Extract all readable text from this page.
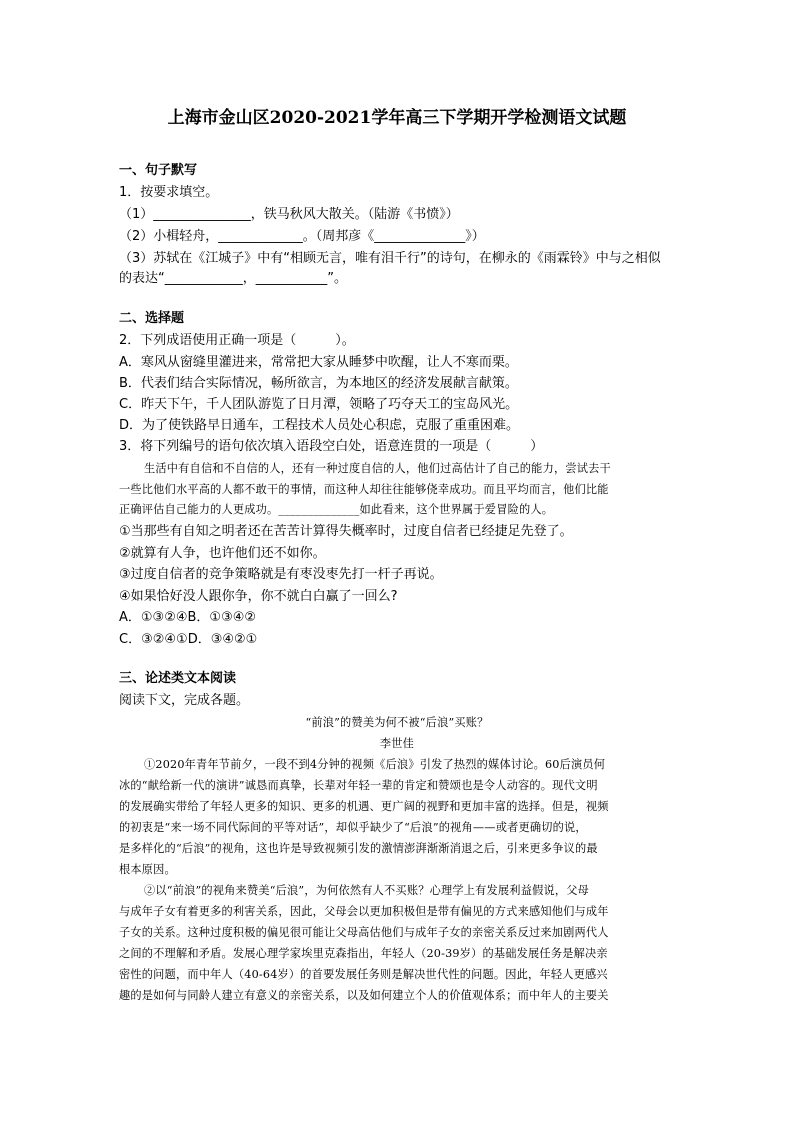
上海市金山区2020-2021学年高三下学期开学检测语文试题
一、句子默写
1．按要求填空。
（1）_______________，铁马秋风大散关。（陆游《书愤》）
（2）小楫轻舟，_____________。（周邦彦《______________》）
（3）苏轼在《江城子》中有“相顾无言，唯有泪千行”的诗句，在柳永的《雨霖铃》中与之相似
的表达“____________，___________”。
二、选择题
2．下列成语使用正确一项是（　　　）。
A．寒风从窗缝里灌进来，常常把大家从睡梦中吹醒，让人不寒而栗。
B．代表们结合实际情况，畅所欲言，为本地区的经济发展献言献策。
C．昨天下午，千人团队游览了日月潭，领略了巧夺天工的宝岛风光。
D．为了使铁路早日通车，工程技术人员处心积虑，克服了重重困难。
3．将下列编号的语句依次填入语段空白处，语意连贯的一项是（　　　）
生活中有自信和不自信的人，还有一种过度自信的人，他们过高估计了自己的能力，尝试去干
一些比他们水平高的人都不敢干的事情，而这种人却往往能够侥幸成功。而且平均而言，他们比能
正确评估自己能力的人更成功。______________如此看来，这个世界属于爱冒险的人。
①当那些有自知之明者还在苦苦计算得失概率时，过度自信者已经捷足先登了。
②就算有人争，也许他们还不如你。
③过度自信者的竞争策略就是有枣没枣先打一杆子再说。
④如果恰好没人跟你争，你不就白白赢了一回么?
A．①③②④B．①③④②
C．③②④①D．③④②①
三、论述类文本阅读
阅读下文，完成各题。
“前浪”的赞美为何不被“后浪”买账？
李世佳
①2020年青年节前夕，一段不到4分钟的视频《后浪》引发了热烈的媒体讨论。60后演员何
冰的“献给新一代的演讲”诚恳而真挚，长辈对年轻一辈的肯定和赞颂也是令人动容的。现代文明
的发展确实带给了年轻人更多的知识、更多的机遇、更广阔的视野和更加丰富的选择。但是，视频
的初衷是“来一场不同代际间的平等对话”，却似乎缺少了“后浪”的视角——或者更确切的说，
是多样化的“后浪”的视角，这也许是导致视频引发的激情澎湃渐渐消退之后，引来更多争议的最
根本原因。
②以“前浪”的视角来赞美“后浪”，为何依然有人不买账？心理学上有发展利益假说，父母
与成年子女有着更多的利害关系，因此，父母会以更加积极但是带有偏见的方式来感知他们与成年
子女的关系。这种过度积极的偏见很可能让父母高估他们与成年子女的亲密关系反过来加剧两代人
之间的不理解和矛盾。发展心理学家埃里克森指出，年轻人（20-39岁）的基础发展任务是解决亲
密性的问题，而中年人（40-64岁）的首要发展任务则是解决世代性的问题。因此，年轻人更感兴
趣的是如何与同龄人建立有意义的亲密关系，以及如何建立个人的价值观体系；而中年人的主要关
